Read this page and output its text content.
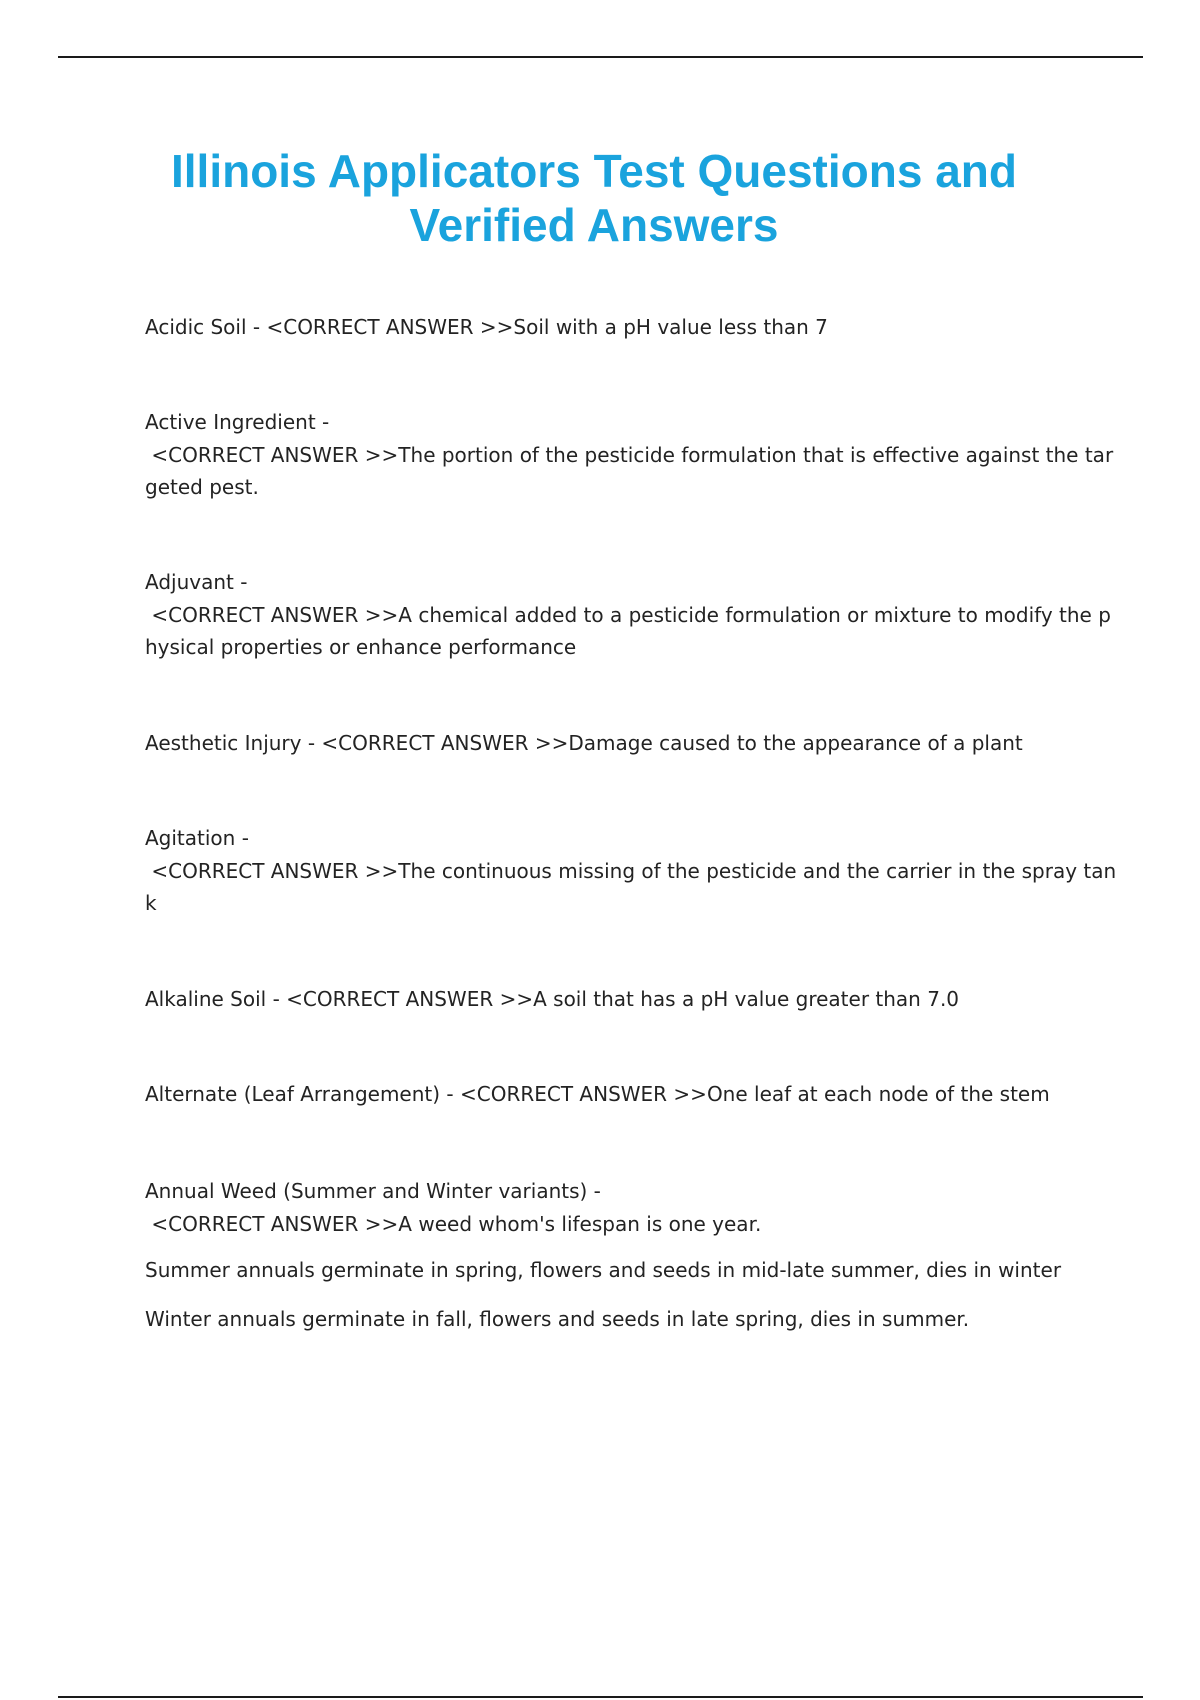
Illinois Applicators Test Questions and
Verified Answers

Acidic Soil - <CORRECT ANSWER >>Soil with a pH value less than 7

Active Ingredient -
<CORRECT ANSWER >>The portion of the pesticide formulation that is effective against the tar
geted pest.

Adjuvant -
<CORRECT ANSWER >>A chemical added to a pesticide formulation or mixture to modify the p
hysical properties or enhance performance

Aesthetic Injury - <CORRECT ANSWER >>Damage caused to the appearance of a plant

Agitation -
<CORRECT ANSWER >>The continuous missing of the pesticide and the carrier in the spray tan
k

Alkaline Soil - <CORRECT ANSWER >>A soil that has a pH value greater than 7.0

Alternate (Leaf Arrangement) - <CORRECT ANSWER >>One leaf at each node of the stem

Annual Weed (Summer and Winter variants) -
<CORRECT ANSWER >>A weed whom's lifespan is one year.

Summer annuals germinate in spring, flowers and seeds in mid-late summer, dies in winter

Winter annuals germinate in fall, flowers and seeds in late spring, dies in summer.
